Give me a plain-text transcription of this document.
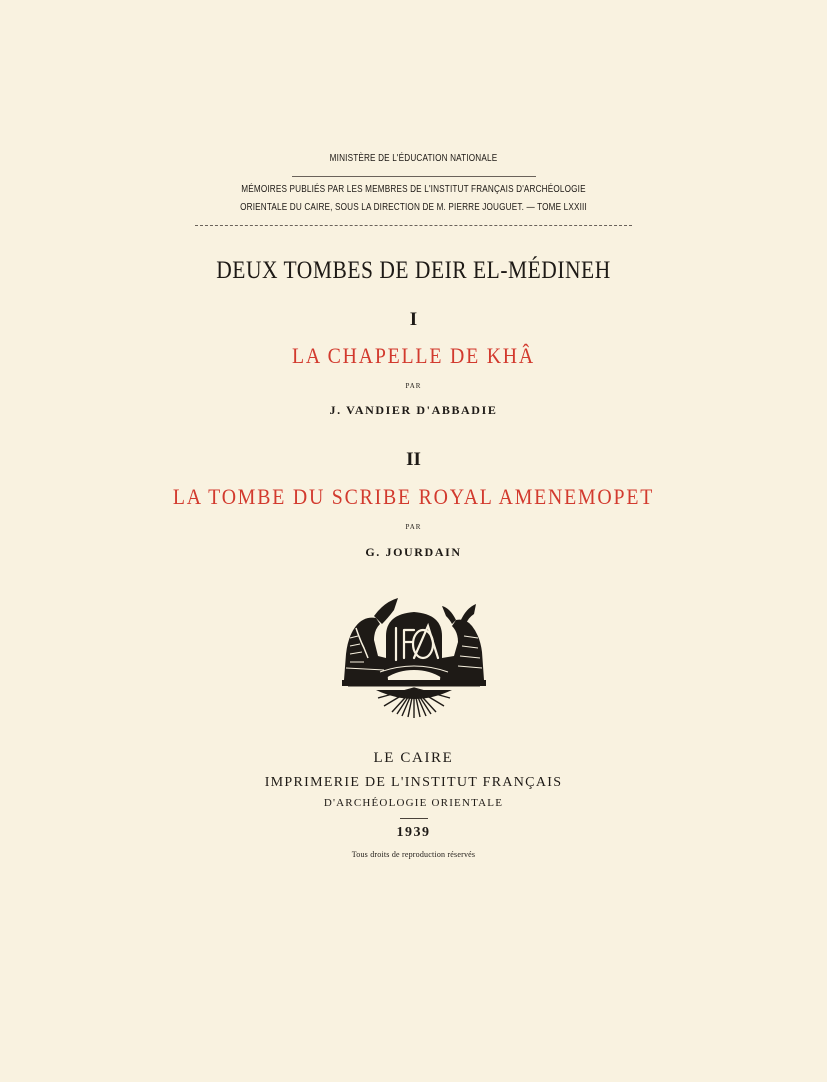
MINISTÈRE DE L'ÉDUCATION NATIONALE
MÉMOIRES PUBLIÉS PAR LES MEMBRES DE L'INSTITUT FRANÇAIS D'ARCHÉOLOGIE
ORIENTALE DU CAIRE, SOUS LA DIRECTION DE M. PIERRE JOUGUET. — TOME LXXIII
DEUX TOMBES DE DEIR EL-MÉDINEH
I
LA CHAPELLE DE KHÂ
PAR
J. VANDIER D'ABBADIE
II
LA TOMBE DU SCRIBE ROYAL AMENEMOPET
PAR
G. JOURDAIN
LE CAIRE
IMPRIMERIE DE L'INSTITUT FRANÇAIS
D'ARCHÉOLOGIE ORIENTALE
1939
Tous droits de reproduction réservés
